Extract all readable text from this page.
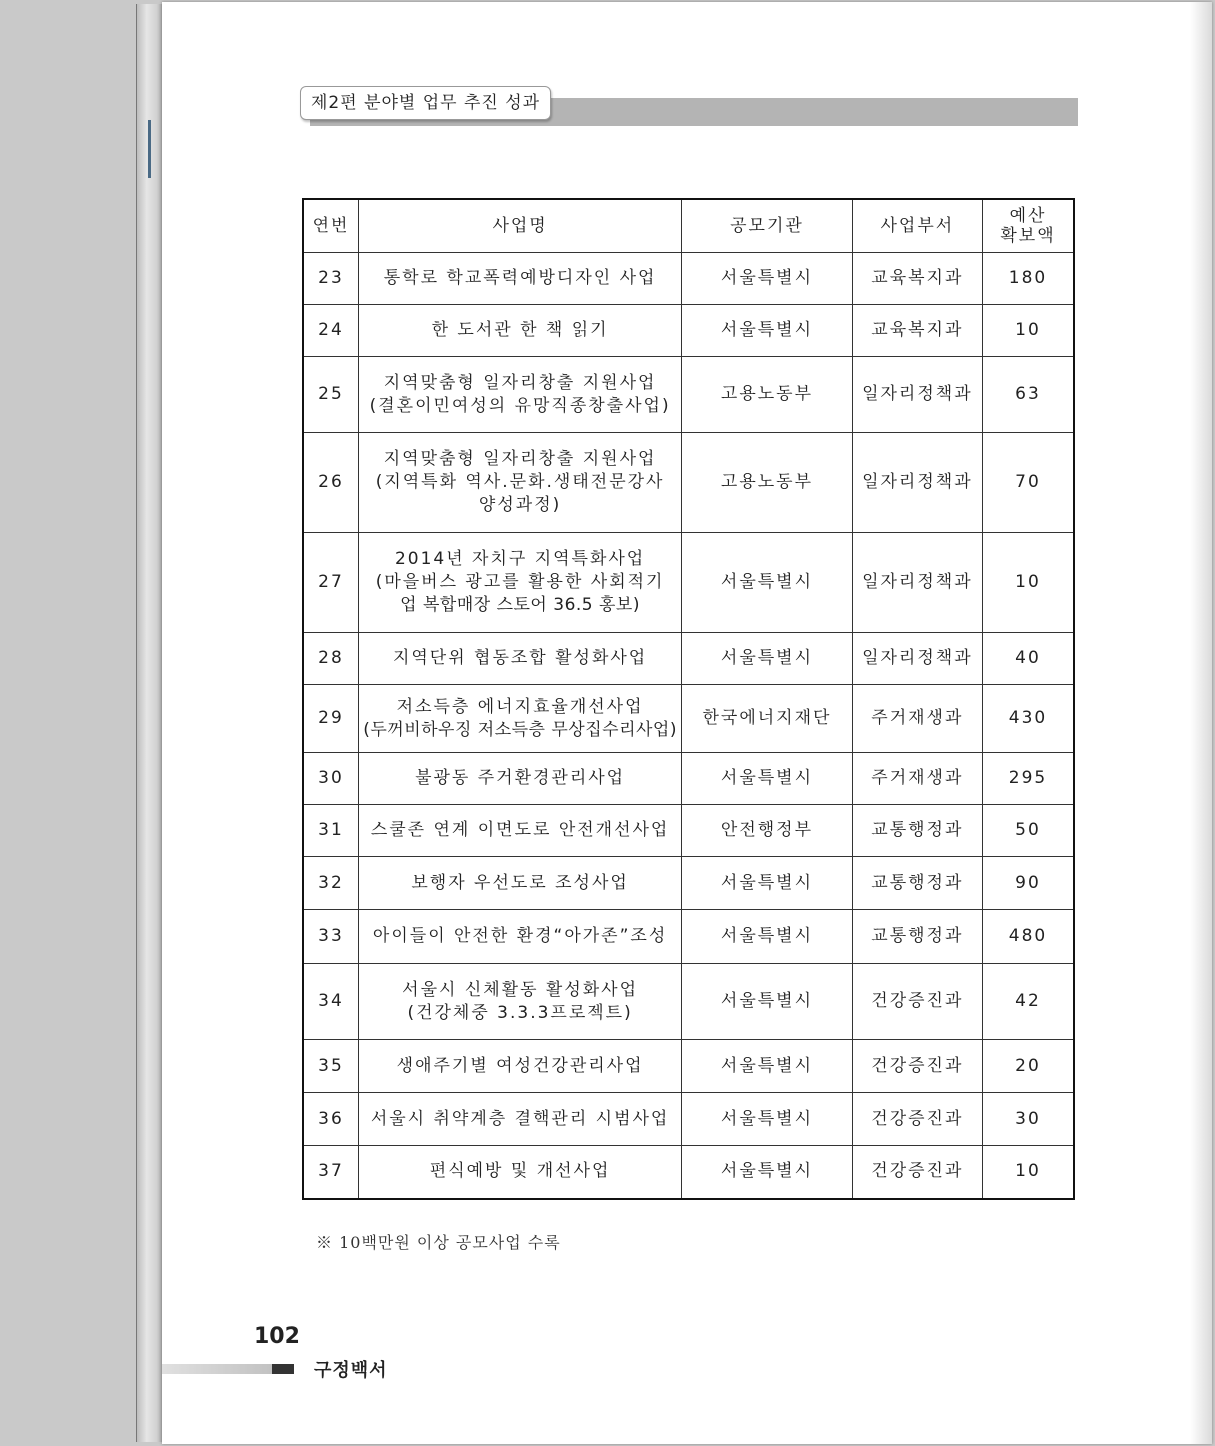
제2편 분야별 업무 추진 성과
연번	사업명	공모기관	사업부서	예산
확보액
23	통학로 학교폭력예방디자인 사업	서울특별시	교육복지과	180
24	한 도서관 한 책 읽기	서울특별시	교육복지과	10
25	지역맞춤형 일자리창출 지원사업
(결혼이민여성의 유망직종창출사업)	고용노동부	일자리정책과	63
26	지역맞춤형 일자리창출 지원사업
(지역특화 역사.문화.생태전문강사
양성과정)	고용노동부	일자리정책과	70
27	2014년 자치구 지역특화사업
(마을버스 광고를 활용한 사회적기
업 복합매장 스토어 36.5 홍보)	서울특별시	일자리정책과	10
28	지역단위 협동조합 활성화사업	서울특별시	일자리정책과	40
29	저소득층 에너지효율개선사업
(두꺼비하우징 저소득층 무상집수리사업)	한국에너지재단	주거재생과	430
30	불광동 주거환경관리사업	서울특별시	주거재생과	295
31	스쿨존 연계 이면도로 안전개선사업	안전행정부	교통행정과	50
32	보행자 우선도로 조성사업	서울특별시	교통행정과	90
33	아이들이 안전한 환경“아가존”조성	서울특별시	교통행정과	480
34	서울시 신체활동 활성화사업
(건강체중 3.3.3프로젝트)	서울특별시	건강증진과	42
35	생애주기별 여성건강관리사업	서울특별시	건강증진과	20
36	서울시 취약계층 결핵관리 시범사업	서울특별시	건강증진과	30
37	편식예방 및 개선사업	서울특별시	건강증진과	10
※ 10백만원 이상 공모사업 수록
102
구정백서
